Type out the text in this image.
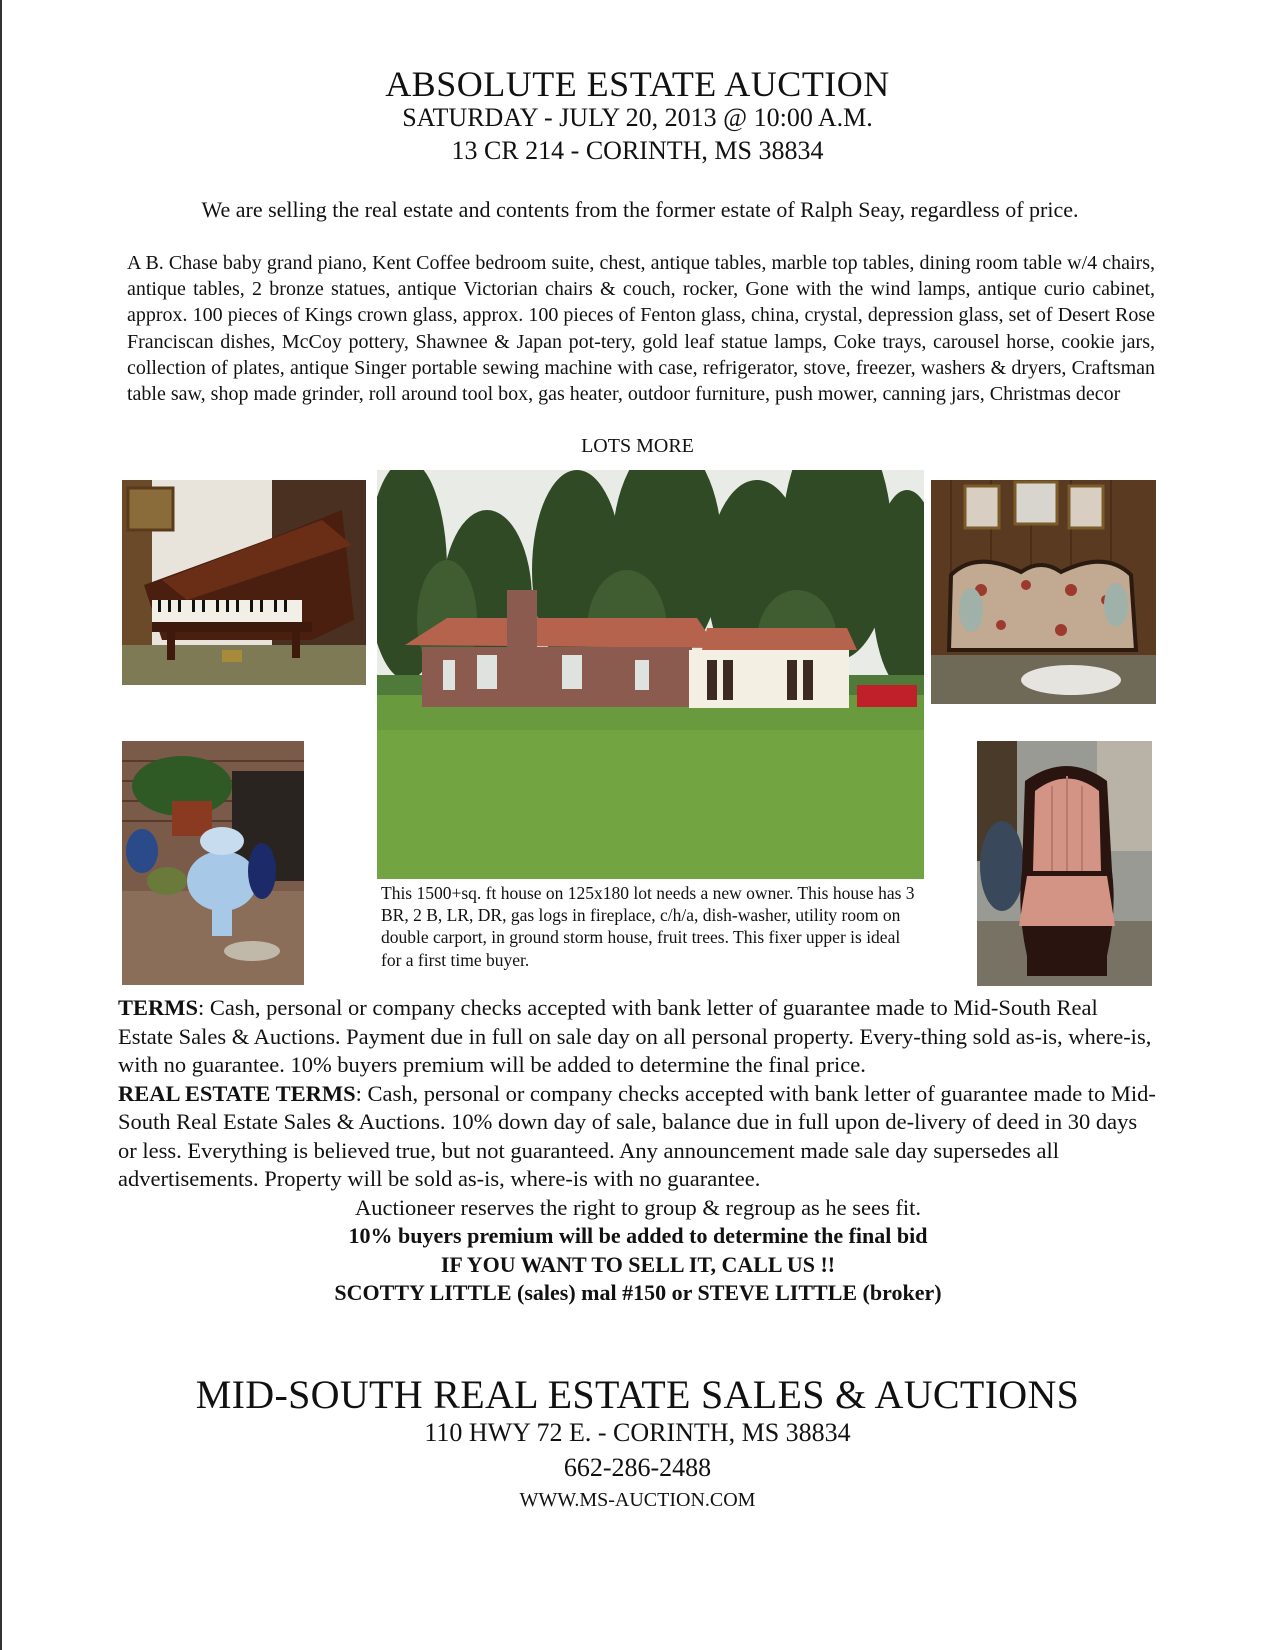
ABSOLUTE ESTATE AUCTION
SATURDAY - JULY 20, 2013 @ 10:00 A.M.
13 CR 214 - CORINTH, MS 38834
We are selling the real estate and contents from the former estate of Ralph Seay, regardless of price.
A B. Chase baby grand piano, Kent Coffee bedroom suite, chest, antique tables, marble top tables, dining room table w/4 chairs, antique tables, 2 bronze statues, antique Victorian chairs & couch, rocker, Gone with the wind lamps, antique curio cabinet, approx. 100 pieces of Kings crown glass, approx. 100 pieces of Fenton glass, china, crystal, depression glass, set of Desert Rose Franciscan dishes, McCoy pottery, Shawnee & Japan pot-tery, gold leaf statue lamps, Coke trays, carousel horse, cookie jars, collection of plates, antique Singer portable sewing machine with case, refrigerator, stove, freezer, washers & dryers, Craftsman table saw, shop made grinder, roll around tool box, gas heater, outdoor furniture, push mower, canning jars, Christmas decor
LOTS MORE
This 1500+sq. ft house on 125x180 lot needs a new owner. This house has 3 BR, 2 B, LR, DR, gas logs in fireplace, c/h/a, dish-washer, utility room on double carport, in ground storm house, fruit trees. This fixer upper is ideal for a first time buyer.

TERMS: Cash, personal or company checks accepted with bank letter of guarantee made to Mid-South Real Estate Sales & Auctions. Payment due in full on sale day on all personal property. Every-thing sold as-is, where-is, with no guarantee. 10% buyers premium will be added to determine the final price.

REAL ESTATE TERMS: Cash, personal or company checks accepted with bank letter of guarantee made to Mid-South Real Estate Sales & Auctions. 10% down day of sale, balance due in full upon de-livery of deed in 30 days or less. Everything is believed true, but not guaranteed. Any announcement made sale day supersedes all advertisements. Property will be sold as-is, where-is with no guarantee.

Auctioneer reserves the right to group & regroup as he sees fit.

10% buyers premium will be added to determine the final bid

IF YOU WANT TO SELL IT, CALL US !!

SCOTTY LITTLE (sales) mal #150 or STEVE LITTLE (broker)

MID-SOUTH REAL ESTATE SALES & AUCTIONS
110 HWY 72 E. - CORINTH, MS 38834
662-286-2488
WWW.MS-AUCTION.COM
